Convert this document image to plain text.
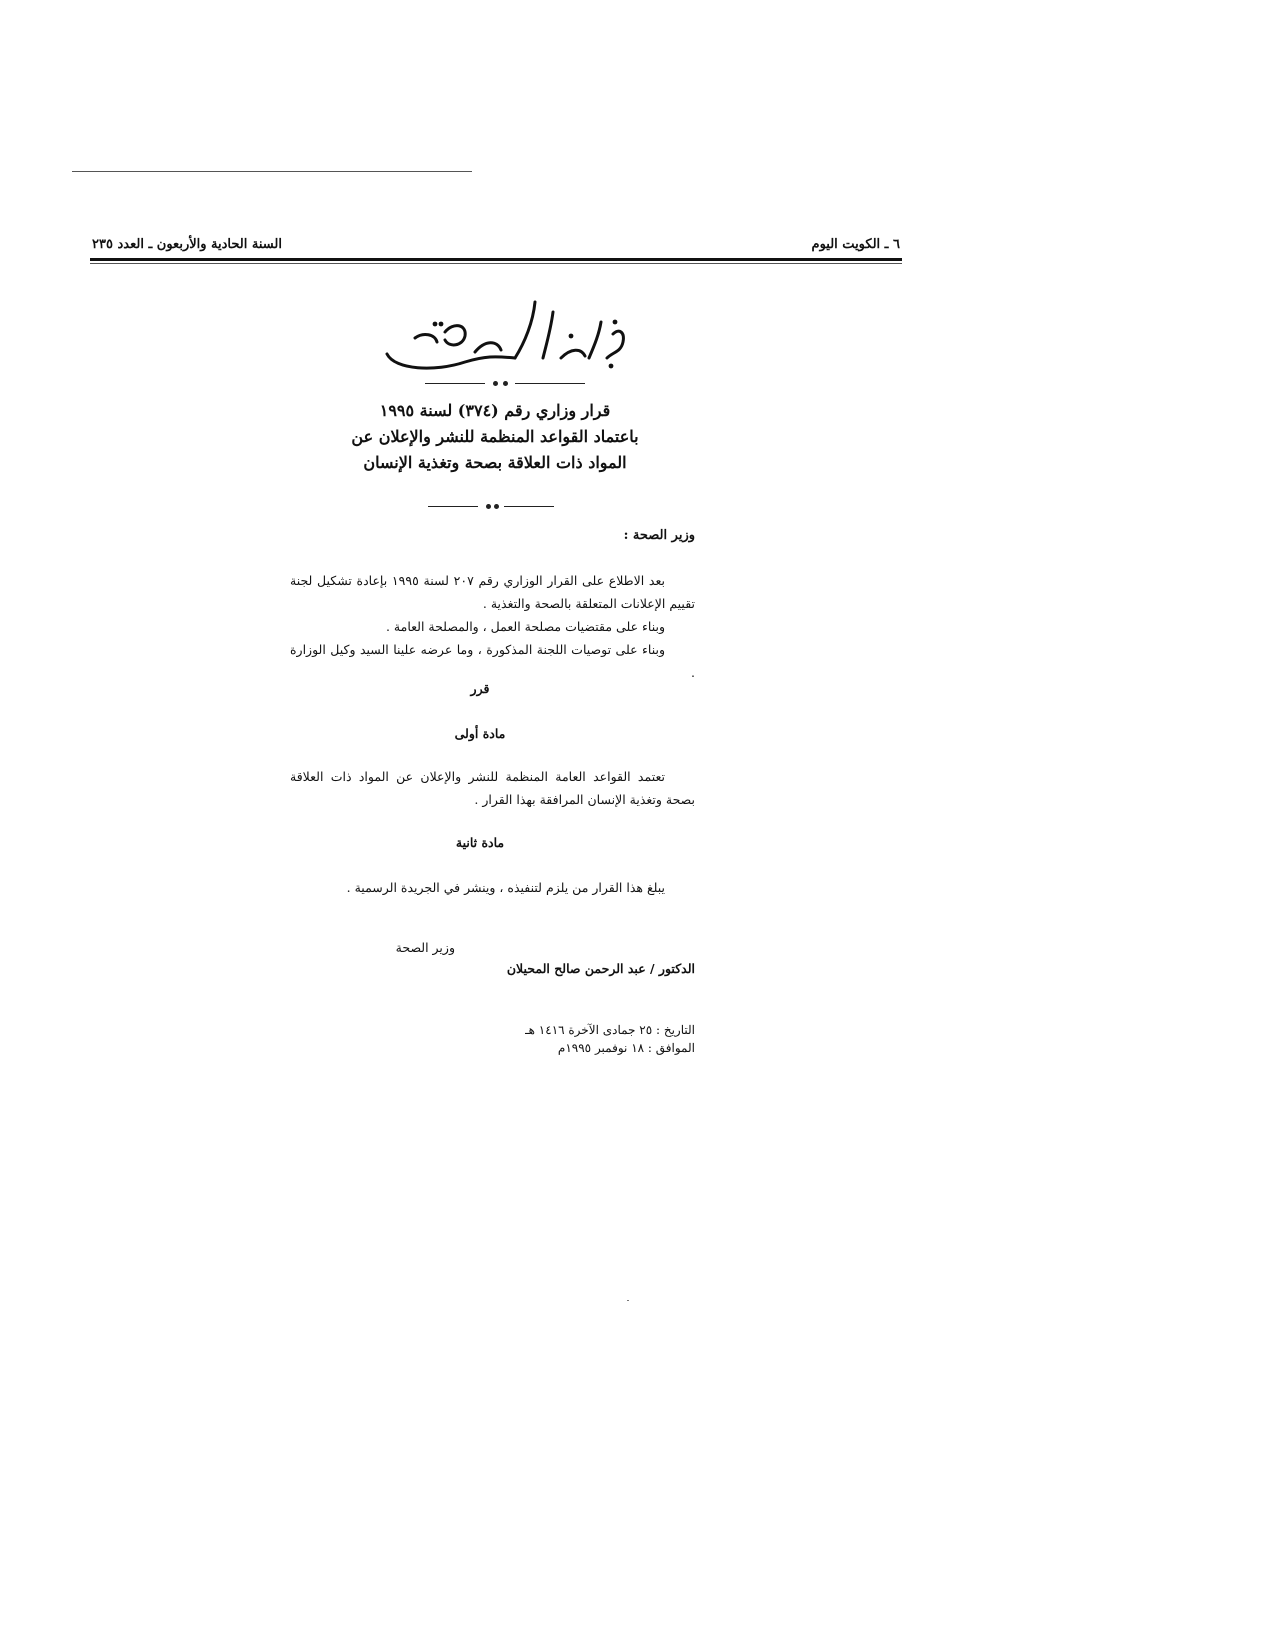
٦ ـ الكويت اليوم
السنة الحادية والأربعون ـ العدد ٢٣٥
قرار وزاري رقم (٣٧٤) لسنة ١٩٩٥
باعتماد القواعد المنظمة للنشر والإعلان عن
المواد ذات العلاقة بصحة وتغذية الإنسان
وزير الصحة :

بعد الاطلاع على القرار الوزاري رقم ٢٠٧ لسنة ١٩٩٥ بإعادة تشكيل لجنة تقييم الإعلانات المتعلقة بالصحة والتغذية .

وبناء على مقتضيات مصلحة العمل ، والمصلحة العامة .

وبناء على توصيات اللجنة المذكورة ، وما عرضه علينا السيد وكيل الوزارة .

قرر
مادة أولى
تعتمد القواعد العامة المنظمة للنشر والإعلان عن المواد ذات العلاقة بصحة وتغذية الإنسان المرافقة بهذا القرار .
مادة ثانية
يبلغ هذا القرار من يلزم لتنفيذه ، وينشر في الجريدة الرسمية .
وزير الصحة
الدكتور / عبد الرحمن صالح المحيلان
التاريخ : ٢٥ جمادى الآخرة ١٤١٦ هـ
الموافق : ١٨ نوفمبر ١٩٩٥م
